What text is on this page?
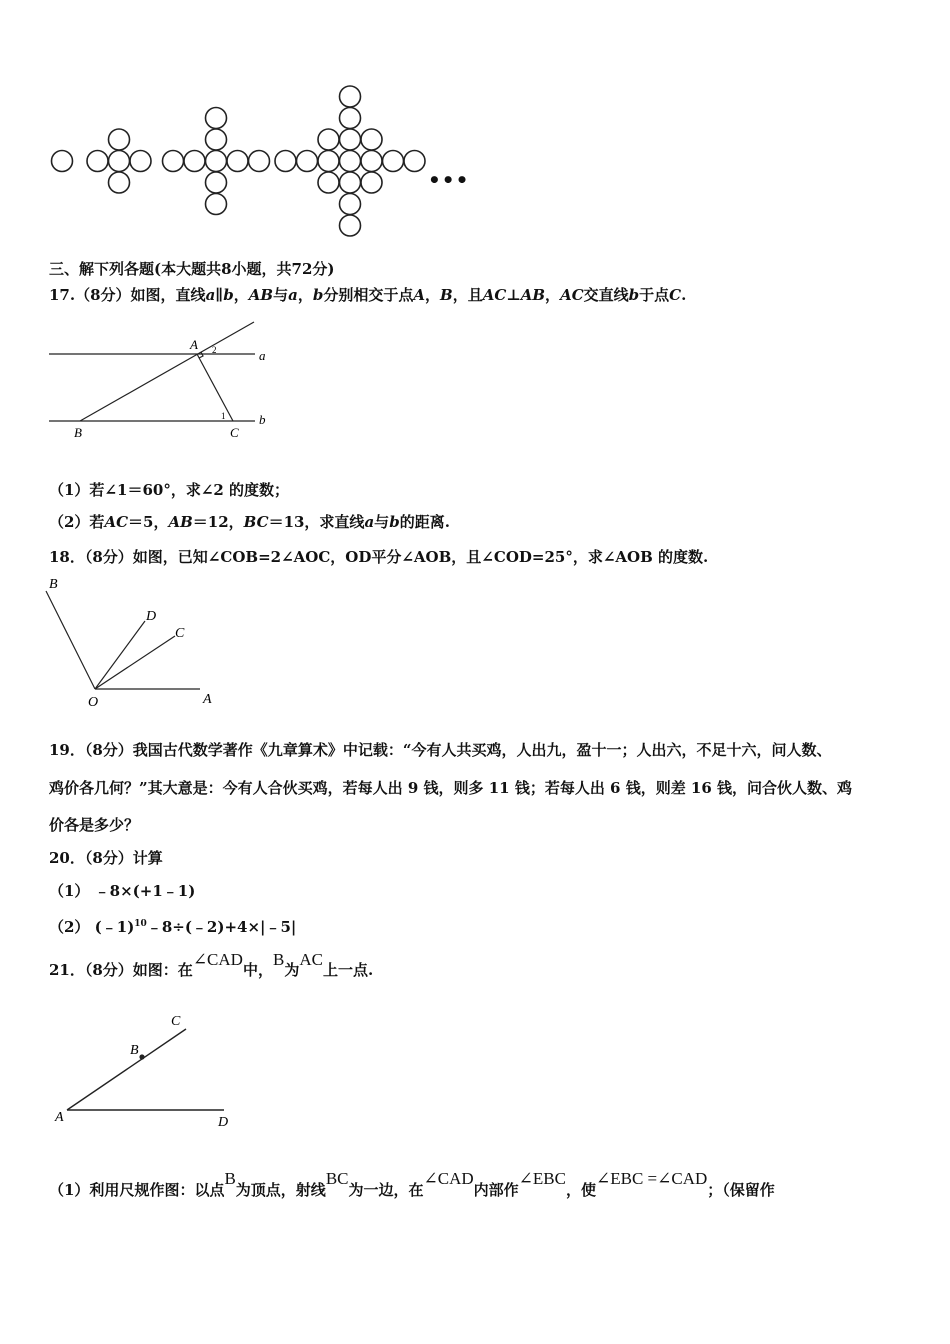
•••
三、解下列各题(本大题共8小题，共72分)
17.（8分）如图，直线a∥b，AB与a，b分别相交于点A，B，且AC⊥AB，AC交直线b于点C.
a
b
A
B	C
1
2
（1）若∠1＝60°，求∠2 的度数；
（2）若AC＝5，AB＝12，BC＝13，求直线a与b的距离.
18．（8分）如图，已知∠COB=2∠AOC，OD平分∠AOB，且∠COD=25°，求∠AOB 的度数.
B
D
C
O	A
19．（8分）我国古代数学著作《九章算术》中记载：“今有人共买鸡，人出九，盈十一；人出六，不足十六，问人数、
鸡价各几何？”其大意是：今有人合伙买鸡，若每人出 9 钱，则多 11 钱；若每人出 6 钱，则差 16 钱，问合伙人数、鸡
价各是多少？
20．（8分）计算
（1） ﹣8×(+1﹣1)
（2） (﹣1)$^{10}$﹣8÷(﹣2)+4×|﹣5|
21．（8分）如图：在∠CAD中，B为AC上一点.
C
B
A	D
（1）利用尺规作图：以点B为顶点，射线BC为一边，在∠CAD内部作∠EBC，使∠EBC =∠CAD；（保留作
